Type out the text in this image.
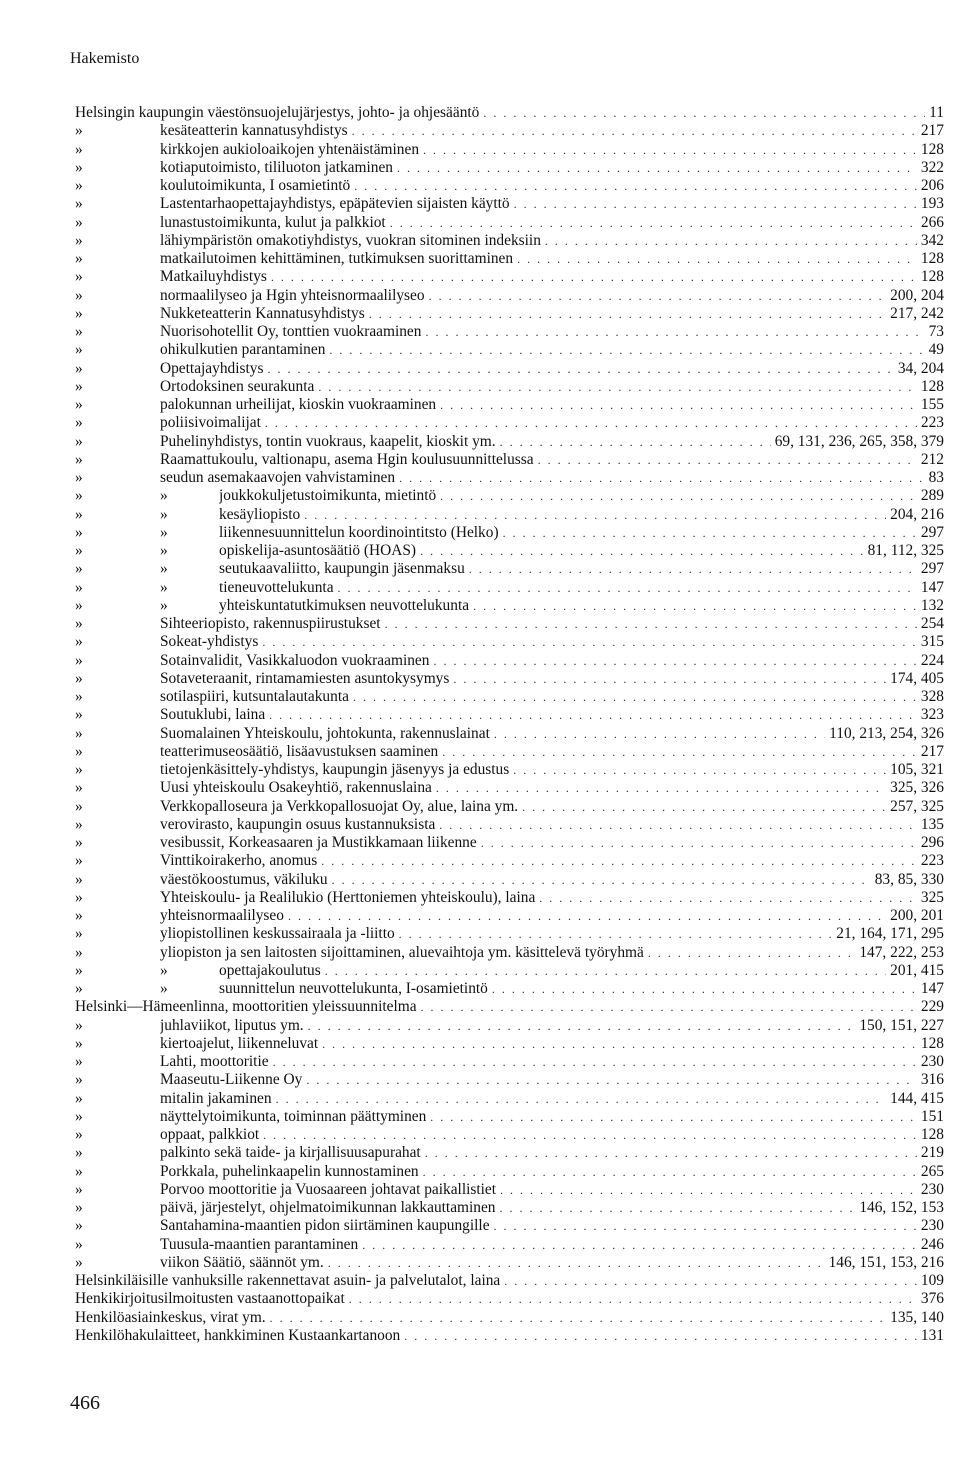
Hakemisto
Helsingin kaupungin väestönsuojelujärjestys, johto- ja ohjesääntö . . .	11
»	kesäteatterin kannatusyhdistys . . .	217
»	kirkkojen aukioloaikojen yhtenäistäminen . . .	128
»	kotiaputoimisto, tililuoton jatkaminen . . .	322
»	koulutoimikunta, I osamietintö . . .	206
»	Lastentarhaopettajayhdistys, epäpätevien sijaisten käyttö . . .	193
»	lunastustoimikunta, kulut ja palkkiot . . .	266
»	lähiympäristön omakotiyhdistys, vuokran sitominen indeksiin . . .	342
»	matkailutoimen kehittäminen, tutkimuksen suorittaminen . . .	128
»	Matkailuyhdistys . . .	128
»	normaalilyseo ja Hgin yhteisnormaalilyseo . . .	200, 204
»	Nukketeatterin Kannatusyhdistys . . .	217, 242
»	Nuorisohotellit Oy, tonttien vuokraaminen . . .	73
»	ohikulkutien parantaminen . . .	49
»	Opettajayhdistys . . .	34, 204
»	Ortodoksinen seurakunta . . .	128
»	palokunnan urheilijat, kioskin vuokraaminen . . .	155
»	poliisivoimalijat . . .	223
»	Puhelinyhdistys, tontin vuokraus, kaapelit, kioskit ym. . . .	69, 131, 236, 265, 358, 379
»	Raamattukoulu, valtionapu, asema Hgin koulusuunnittelussa . . .	212
»	seudun asemakaavojen vahvistaminen . . .	83
»	»	joukkokuljetustoimikunta, mietintö . . .	289
»	»	kesäyliopisto . . .	204, 216
»	»	liikennesuunnittelun koordinointitsto (Helko) . . .	297
»	»	opiskelija-asuntosäätiö (HOAS) . . .	81, 112, 325
»	»	seutukaavaliitto, kaupungin jäsenmaksu . . .	297
»	»	tieneuvottelukunta . . .	147
»	»	yhteiskuntatutkimuksen neuvottelukunta . . .	132
»	Sihteeriopisto, rakennuspiirustukset . . .	254
»	Sokeat-yhdistys . . .	315
»	Sotainvalidit, Vasikkaluodon vuokraaminen . . .	224
»	Sotaveteraanit, rintamamiesten asuntokysymys . . .	174, 405
»	sotilaspiiri, kutsuntalautakunta . . .	328
»	Soutuklubi, laina . . .	323
»	Suomalainen Yhteiskoulu, johtokunta, rakennuslainat . . .	110, 213, 254, 326
»	teatterimuseosäätiö, lisäavustuksen saaminen . . .	217
»	tietojenkäsittely-yhdistys, kaupungin jäsenyys ja edustus . . .	105, 321
»	Uusi yhteiskoulu Osakeyhtiö, rakennuslaina . . .	325, 326
»	Verkkopalloseura ja Verkkopallosuojat Oy, alue, laina ym. . . .	257, 325
»	verovirasto, kaupungin osuus kustannuksista . . .	135
»	vesibussit, Korkeasaaren ja Mustikkamaan liikenne . . .	296
»	Vinttikoirakerho, anomus . . .	223
»	väestökoostumus, väkiluku . . .	83, 85, 330
»	Yhteiskoulu- ja Realilukio (Herttoniemen yhteiskoulu), laina . . .	325
»	yhteisnormaalilyseo . . .	200, 201
»	yliopistollinen keskussairaala ja -liitto . . .	21, 164, 171, 295
»	yliopiston ja sen laitosten sijoittaminen, aluevaihtoja ym. käsittelevä työryhmä . . .	147, 222, 253
»	»	opettajakoulutus . . .	201, 415
»	»	suunnittelun neuvottelukunta, I-osamietintö . . .	147
Helsinki—Hämeenlinna, moottoritien yleissuunnitelma . . .	229
»	juhlaviikot, liputus ym. . . .	150, 151, 227
»	kiertoajelut, liikenneluvat . . .	128
»	Lahti, moottoritie . . .	230
»	Maaseutu-Liikenne Oy . . .	316
»	mitalin jakaminen . . .	144, 415
»	näyttelytoimikunta, toiminnan päättyminen . . .	151
»	oppaat, palkkiot . . .	128
»	palkinto sekä taide- ja kirjallisuusapurahat . . .	219
»	Porkkala, puhelinkaapelin kunnostaminen . . .	265
»	Porvoo moottoritie ja Vuosaareen johtavat paikallistiet . . .	230
»	päivä, järjestelyt, ohjelmatoimikunnan lakkauttaminen . . .	146, 152, 153
»	Santahamina-maantien pidon siirtäminen kaupungille . . .	230
»	Tuusula-maantien parantaminen . . .	246
»	viikon Säätiö, säännöt ym. . . .	146, 151, 153, 216
Helsinkiläisille vanhuksille rakennettavat asuin- ja palvelutalot, laina . . .	109
Henkikirjoitusilmoitusten vastaanottopaikat . . .	376
Henkilöasiainkeskus, virat ym. . . .	135, 140
Henkilöhakulaitteet, hankkiminen Kustaankartanoon . . .	131
466
